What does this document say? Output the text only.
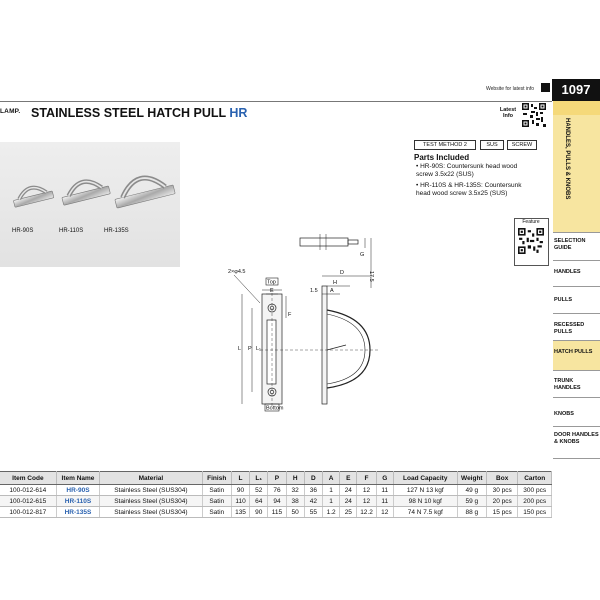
Website for latest info	1097
LAMP. STAINLESS STEEL HATCH PULL HR	Latest Info
HR-90S	HR-110S	HR-135S
TEST METHOD 2	SUS	SCREW
Parts Included
• HR-90S: Countersunk head wood
screw 3.5x22 (SUS)
• HR-110S & HR-135S: Countersunk
head wood screw 3.5x25 (SUS)
Feature
2×φ4.5
Top
Bottom
E
F
L P L₁
D
H
A
1.5
G
17.5
HANDLES, PULLS & KNOBS
SELECTION GUIDE
HANDLES
PULLS
RECESSED PULLS
HATCH PULLS
TRUNK HANDLES
KNOBS
DOOR HANDLES & KNOBS
Item Code	Item Name	Material	Finish	L	L₁	P	H	D	A	E	F	G	Load Capacity	Weight	Box	Carton
100-012-614	HR-90S	Stainless Steel (SUS304)	Satin	90	52	76	32	36	1	24	12	11	127 N 13 kgf	49 g	30 pcs	300 pcs
100-012-615	HR-110S	Stainless Steel (SUS304)	Satin	110	64	94	38	42	1	24	12	11	98 N 10 kgf	59 g	20 pcs	200 pcs
100-012-817	HR-135S	Stainless Steel (SUS304)	Satin	135	90	115	50	55	1.2	25	12.2	12	74 N 7.5 kgf	88 g	15 pcs	150 pcs
